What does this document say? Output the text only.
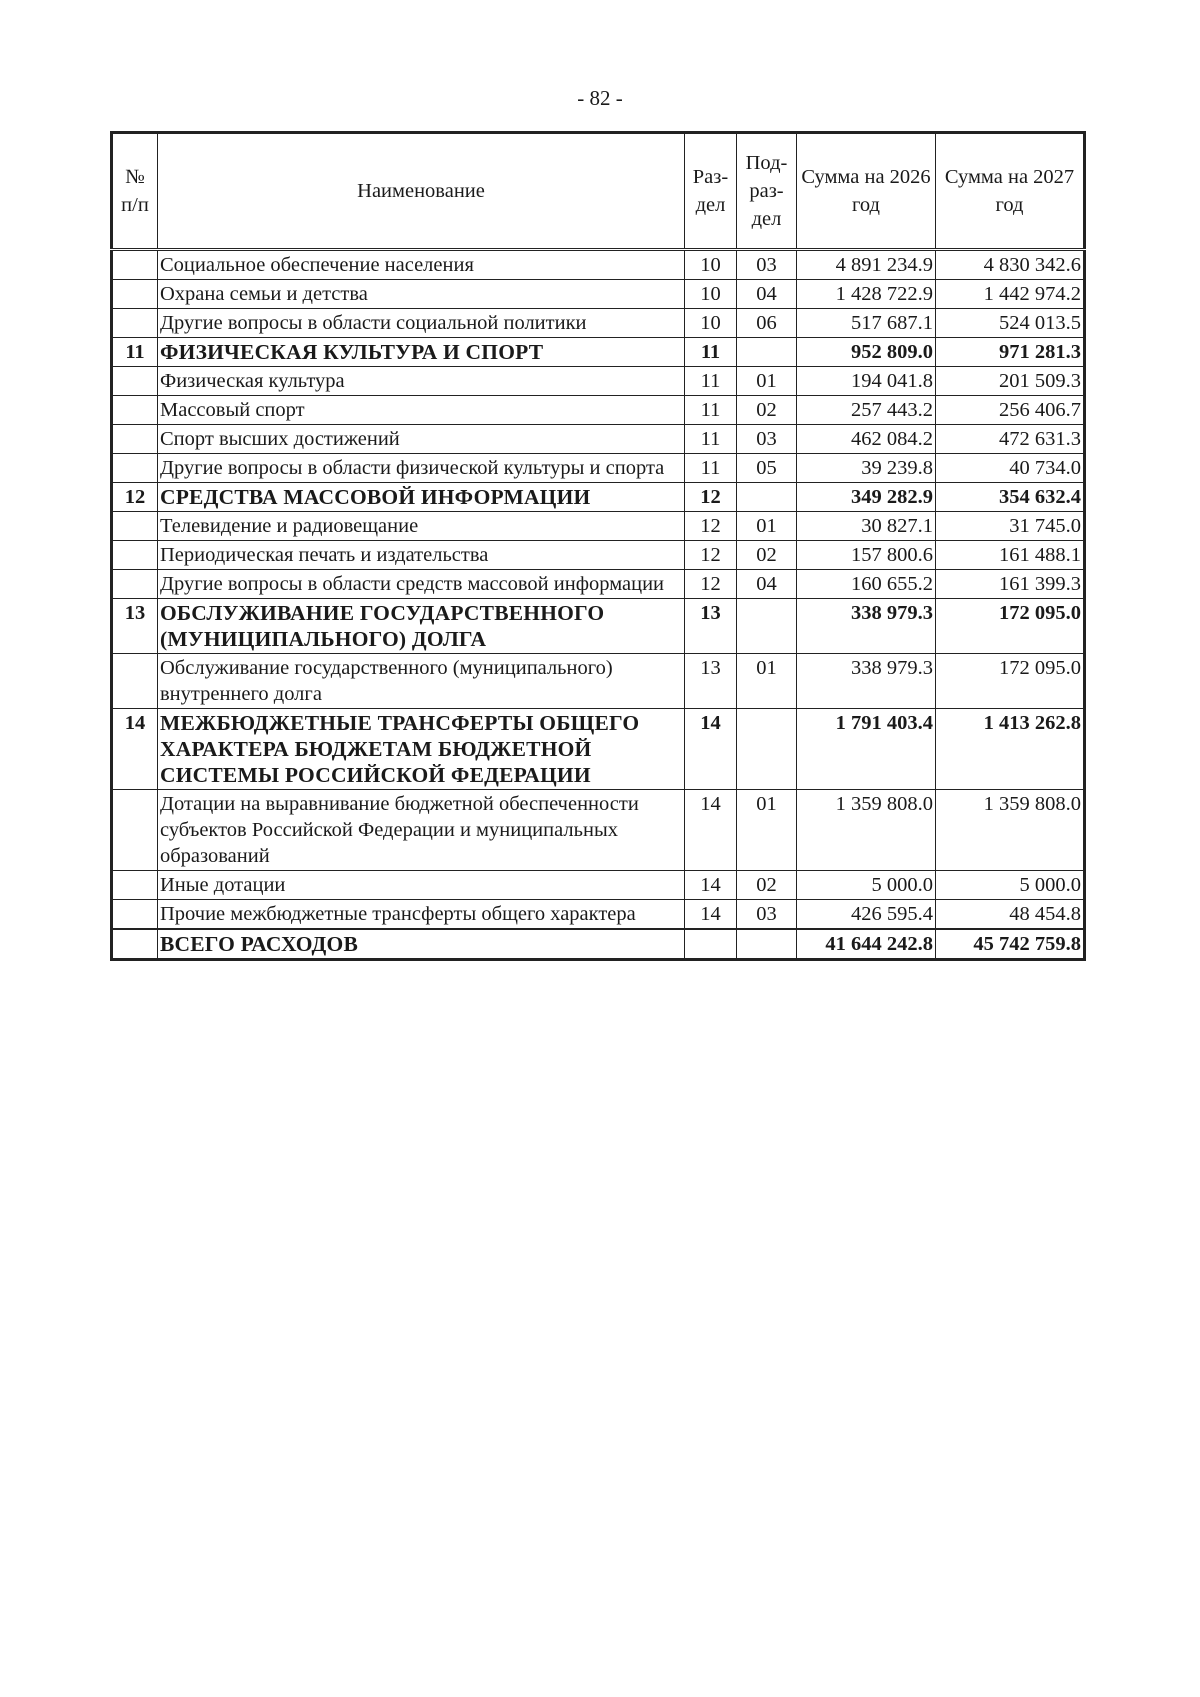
- 82 -
№ п/п	Наименование	Раз-дел	Под-раз-дел	Сумма на 2026 год	Сумма на 2027 год
	Социальное обеспечение населения	10	03	4 891 234.9	4 830 342.6
	Охрана семьи и детства	10	04	1 428 722.9	1 442 974.2
	Другие вопросы в области социальной политики	10	06	517 687.1	524 013.5
11	ФИЗИЧЕСКАЯ КУЛЬТУРА И СПОРТ	11		952 809.0	971 281.3
	Физическая культура	11	01	194 041.8	201 509.3
	Массовый спорт	11	02	257 443.2	256 406.7
	Спорт высших достижений	11	03	462 084.2	472 631.3
	Другие вопросы в области физической культуры и спорта	11	05	39 239.8	40 734.0
12	СРЕДСТВА МАССОВОЙ ИНФОРМАЦИИ	12		349 282.9	354 632.4
	Телевидение и радиовещание	12	01	30 827.1	31 745.0
	Периодическая печать и издательства	12	02	157 800.6	161 488.1
	Другие вопросы в области средств массовой информации	12	04	160 655.2	161 399.3
13	ОБСЛУЖИВАНИЕ ГОСУДАРСТВЕННОГО (МУНИЦИПАЛЬНОГО) ДОЛГА	13		338 979.3	172 095.0
	Обслуживание государственного (муниципального) внутреннего долга	13	01	338 979.3	172 095.0
14	МЕЖБЮДЖЕТНЫЕ ТРАНСФЕРТЫ ОБЩЕГО ХАРАКТЕРА БЮДЖЕТАМ БЮДЖЕТНОЙ СИСТЕМЫ РОССИЙСКОЙ ФЕДЕРАЦИИ	14		1 791 403.4	1 413 262.8
	Дотации на выравнивание бюджетной обеспеченности субъектов Российской Федерации и муниципальных образований	14	01	1 359 808.0	1 359 808.0
	Иные дотации	14	02	5 000.0	5 000.0
	Прочие межбюджетные трансферты общего характера	14	03	426 595.4	48 454.8
	ВСЕГО РАСХОДОВ			41 644 242.8	45 742 759.8
